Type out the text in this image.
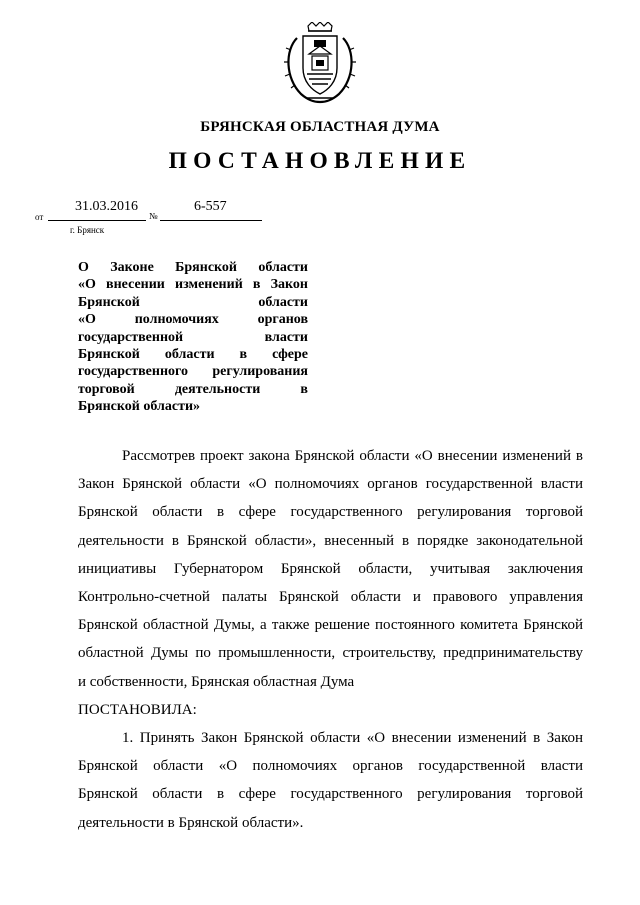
БРЯНСКАЯ ОБЛАСТНАЯ ДУМА
ПОСТАНОВЛЕНИЕ
31.03.2016	6-557
от	№
г. Брянск
О Законе Брянской области
«О внесении изменений в Закон
Брянской области
«О полномочиях органов
государственной власти
Брянской области в сфере
государственного регулирования
торговой деятельности в
Брянской области»
Рассмотрев проект закона Брянской области «О внесении изменений в
Закон Брянской области «О полномочиях органов государственной власти
Брянской области в сфере государственного регулирования торговой
деятельности в Брянской области», внесенный в порядке законодательной
инициативы Губернатором Брянской области, учитывая заключения
Контрольно-счетной палаты Брянской области и правового управления
Брянской областной Думы, а также решение постоянного комитета Брянской
областной Думы по промышленности, строительству, предпринимательству
и собственности, Брянская областная Дума
ПОСТАНОВИЛА:
1. Принять Закон Брянской области «О внесении изменений в Закон
Брянской области «О полномочиях органов государственной власти
Брянской области в сфере государственного регулирования торговой
деятельности в Брянской области».
